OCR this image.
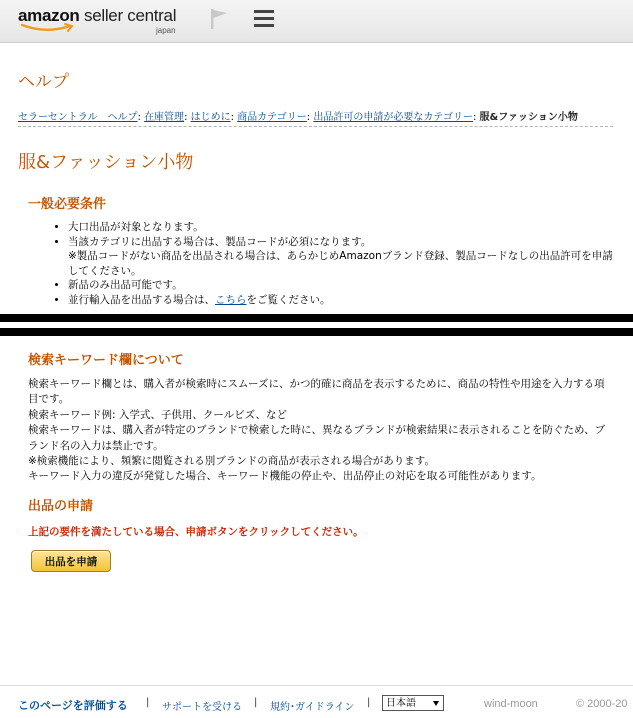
amazon seller central
japan
ヘルプ
セラーセントラル　ヘルプ: 在庫管理: はじめに: 商品カテゴリー: 出品許可の申請が必要なカテゴリー: 服&ファッション小物
服&ファッション小物
一般必要条件
• 大口出品が対象となります。
• 当該カテゴリに出品する場合は、製品コードが必須になります。
※製品コードがない商品を出品される場合は、あらかじめAmazonブランド登録、製品コードなしの出品許可を申請してください。
• 新品のみ出品可能です。
• 並行輸入品を出品する場合は、こちらをご覧ください。
検索キーワード欄について
検索キーワード欄とは、購入者が検索時にスムーズに、かつ的確に商品を表示するために、商品の特性や用途を入力する項目です。
検索キーワード例: 入学式、子供用、クールビズ、など
検索キーワードは、購入者が特定のブランドで検索した時に、異なるブランドが検索結果に表示されることを防ぐため、ブランド名の入力は禁止です。
※検索機能により、頻繁に閲覧される別ブランドの商品が表示される場合があります。
キーワード入力の違反が発覚した場合、キーワード機能の停止や、出品停止の対応を取る可能性があります。
出品の申請
上記の要件を満たしている場合、申請ボタンをクリックしてください。
出品を申請
このページを評価する | サポートを受ける | 規約･ガイドライン |	日本語	wind-moon	© 2000-20
